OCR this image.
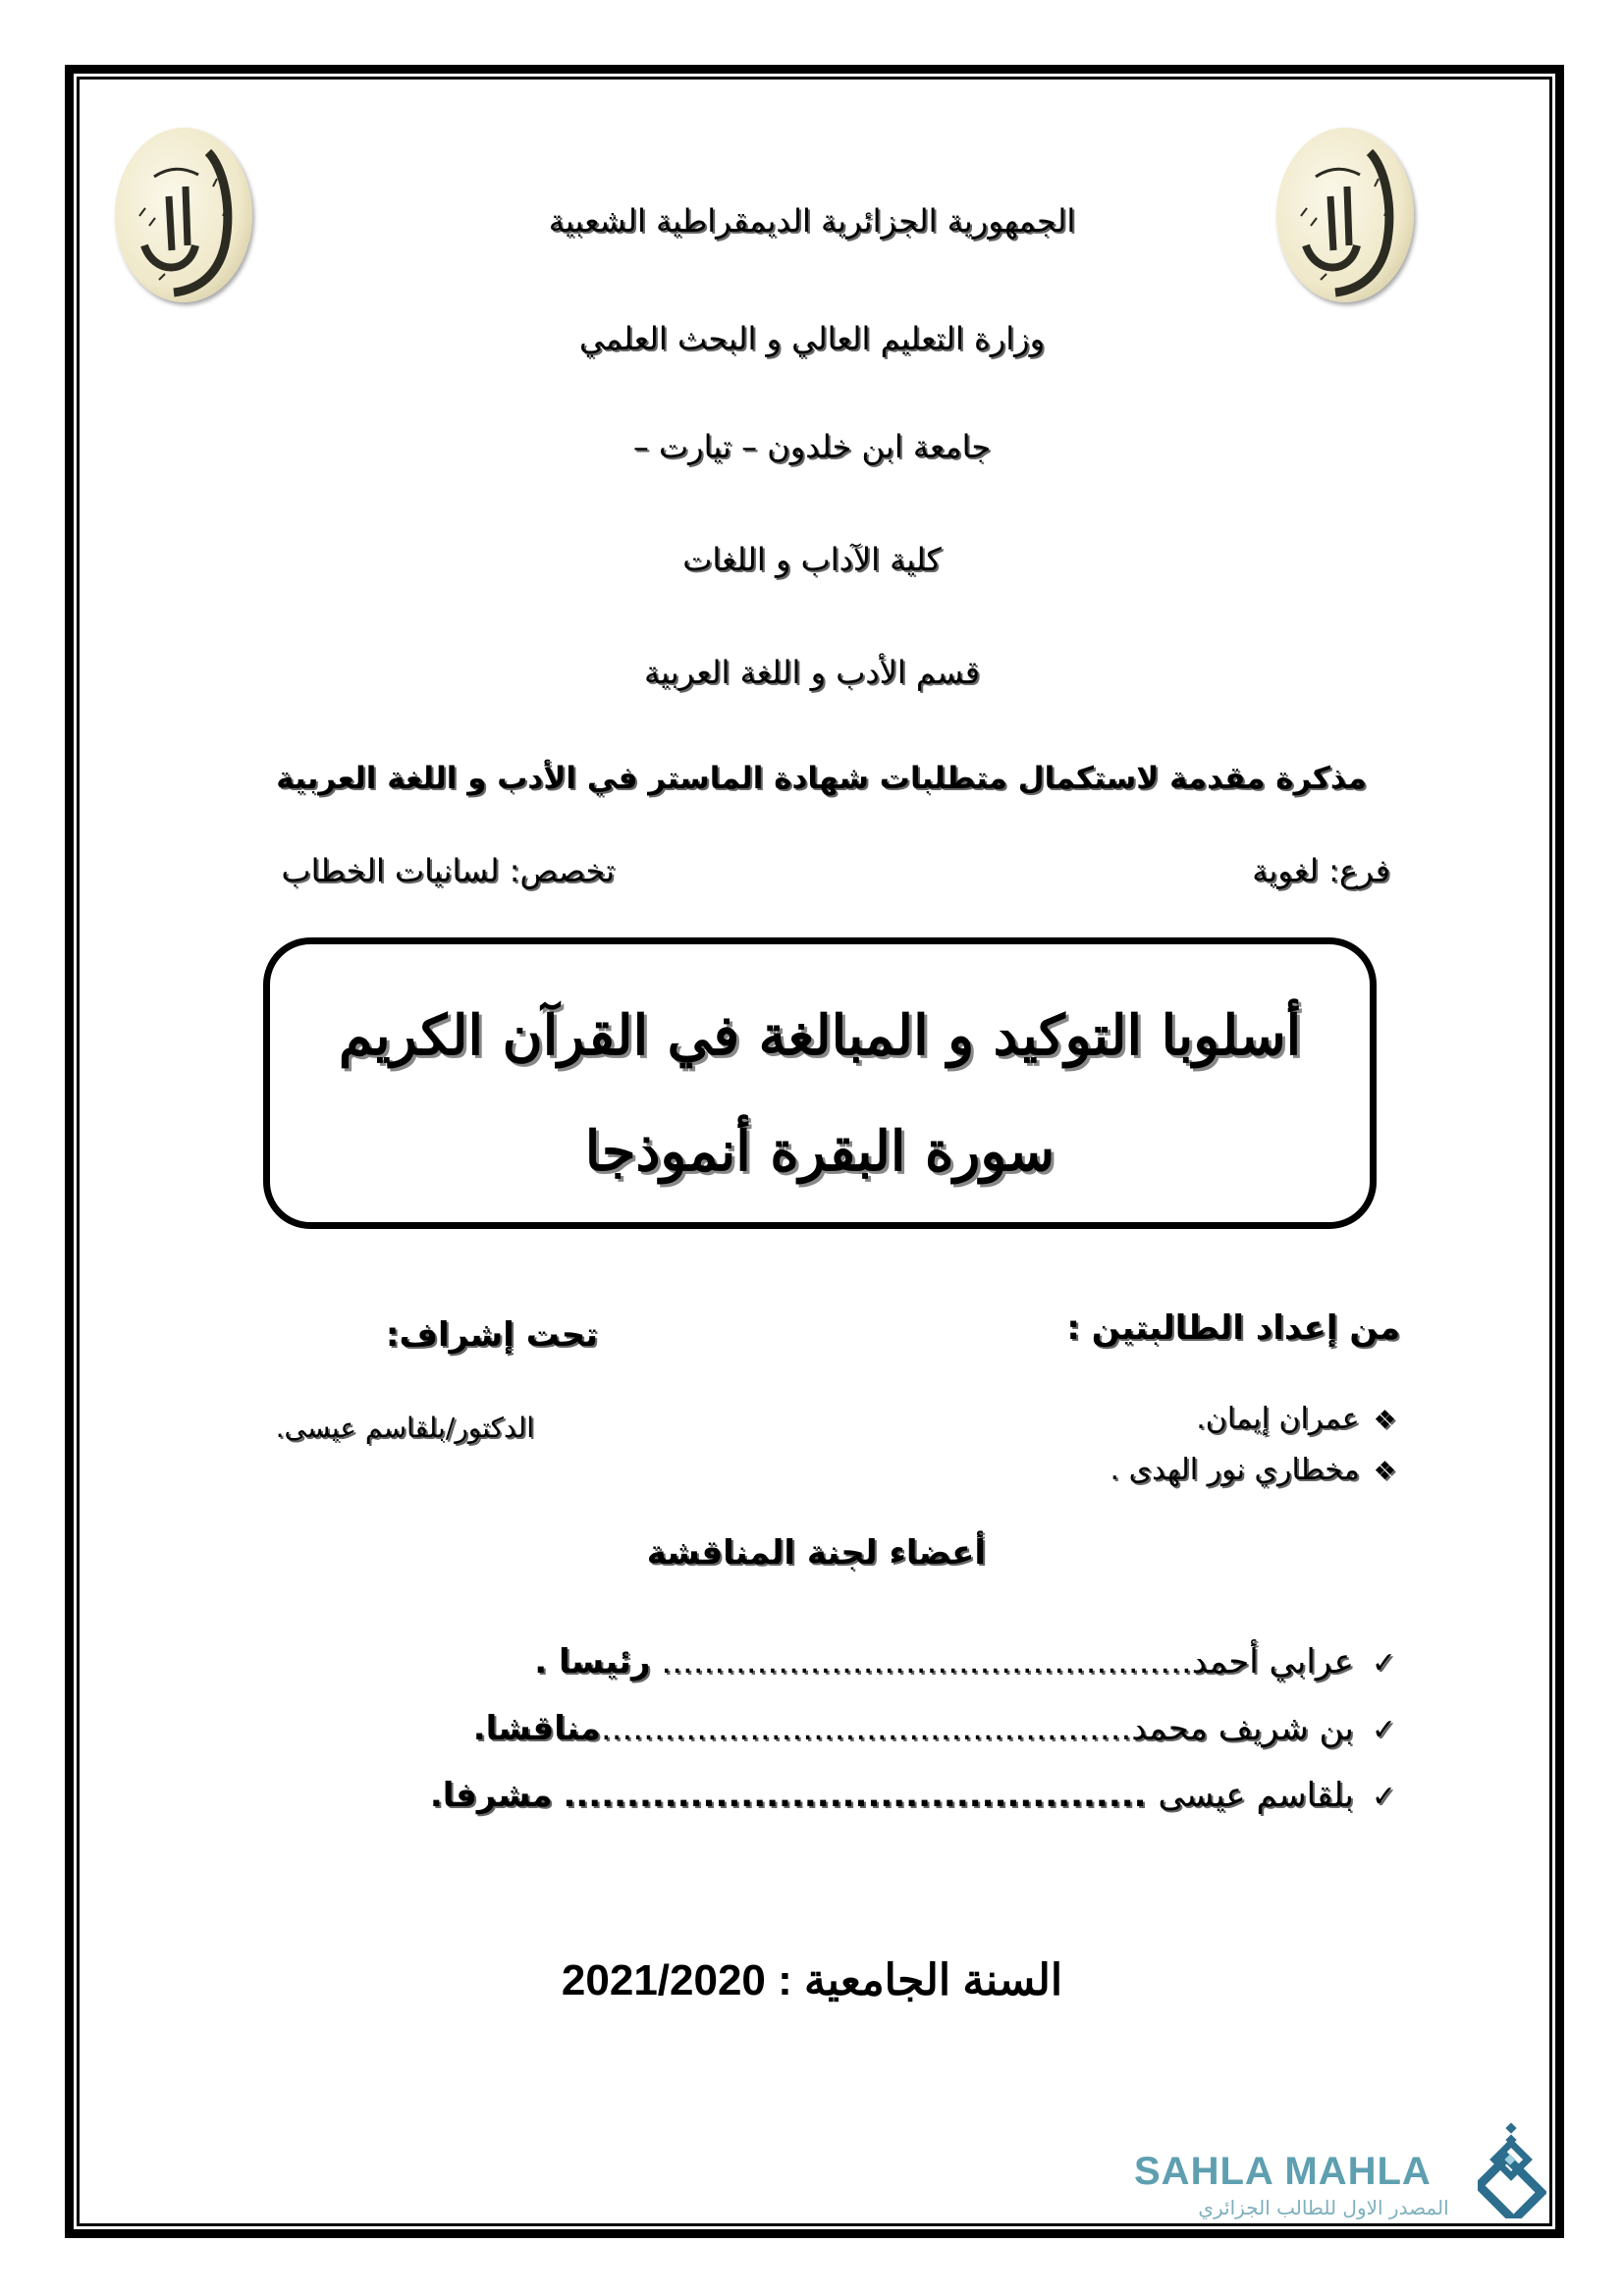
الجمهورية الجزائرية الديمقراطية الشعبية
وزارة التعليم العالي و البحث العلمي
جامعة ابن خلدون – تيارت –
كلية الآداب و اللغات
قسم الأدب و اللغة العربية
مذكرة مقدمة لاستكمال متطلبات شهادة الماستر في الأدب و اللغة العربية
فرع: لغوية
تخصص: لسانيات الخطاب
أسلوبا التوكيد و المبالغة في القرآن الكريم
سورة البقرة أنموذجا
من إعداد الطالبتين :
تحت إشراف:
❖عمران إيمان.
❖مخطاري نور الهدى .
الدكتور/بلقاسم عيسى.
أعضاء لجنة المناقشة
✓عرابي أحمد.................................................. رئيسا .
✓بن شريف محمد..................................................مناقشا.
✓بلقاسم عيسى .............................................. مشرفا.
السنة الجامعية : 2021/2020
SAHLA MAHLA
المصدر الاول للطالب الجزائري
